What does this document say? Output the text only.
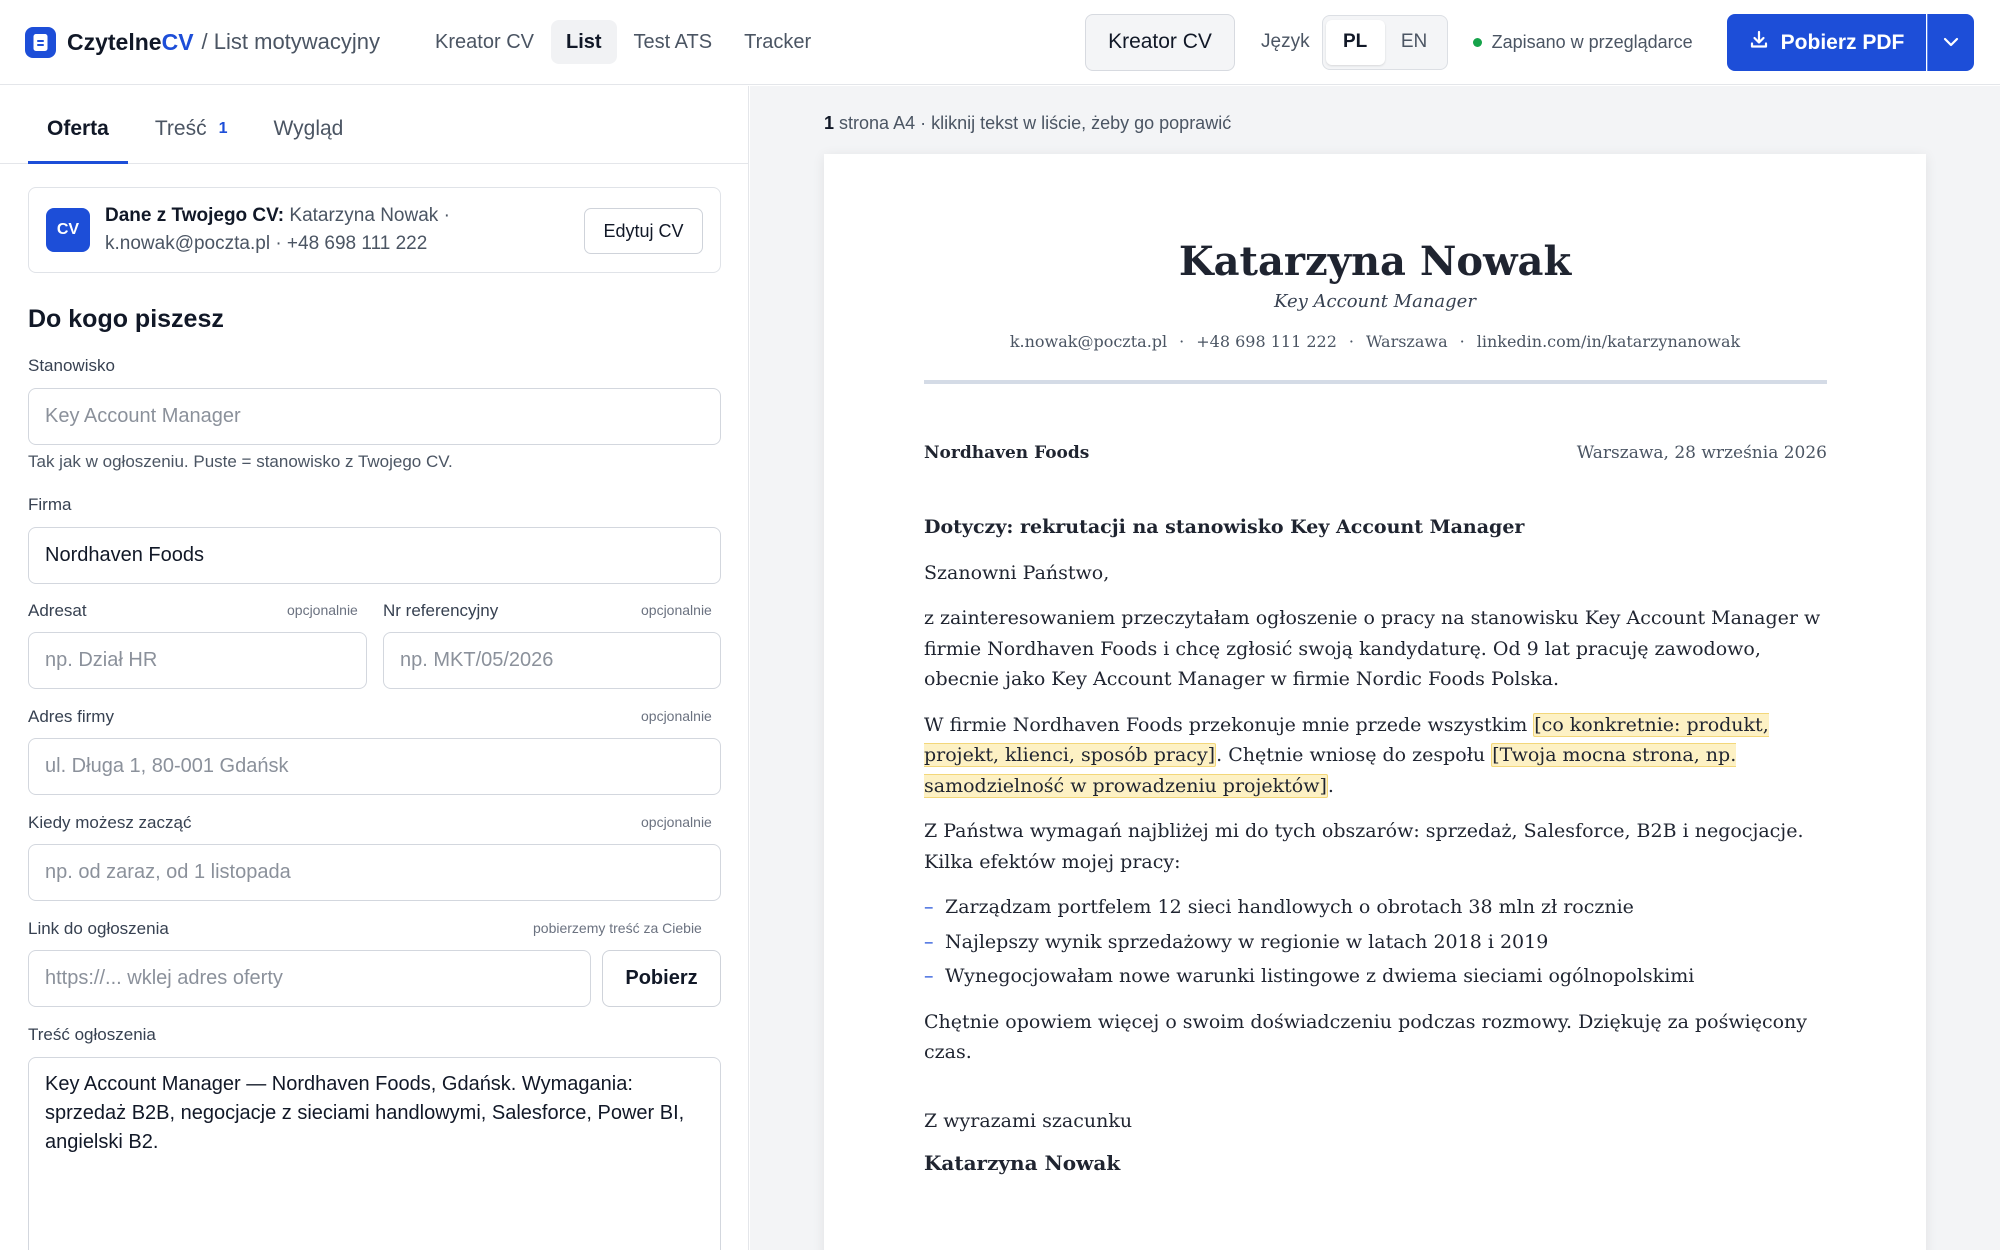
CzytelneCV / List motywacyjny	Kreator CV	List	Test ATS	Tracker	Kreator CV	Język	PL	EN	Zapisano w przeglądarce	Pobierz PDF
Oferta Treść 1 Wygląd
CV
Dane z Twojego CV: Katarzyna Nowak · k.nowak@poczta.pl · +48 698 111 222
Edytuj CV
Do kogo piszesz
Stanowisko
Key Account Manager
Tak jak w ogłoszeniu. Puste = stanowisko z Twojego CV.
Firma
Nordhaven Foods
Adresat	opcjonalnie
np. Dział HR
Nr referencyjny	opcjonalnie
np. MKT/05/2026
Adres firmy	opcjonalnie
ul. Długa 1, 80-001 Gdańsk
Kiedy możesz zacząć	opcjonalnie
np. od zaraz, od 1 listopada
Link do ogłoszenia	pobierzemy treść za Ciebie
https://... wklej adres oferty	Pobierz
Treść ogłoszenia
Key Account Manager — Nordhaven Foods, Gdańsk. Wymagania: sprzedaż B2B, negocjacje z sieciami handlowymi, Salesforce, Power BI, angielski B2.
1 strona A4 · kliknij tekst w liście, żeby go poprawić
Katarzyna Nowak
Key Account Manager
k.nowak@poczta.pl · +48 698 111 222 · Warszawa · linkedin.com/in/katarzynanowak
Nordhaven Foods	Warszawa, 28 września 2026
Dotyczy: rekrutacji na stanowisko Key Account Manager
Szanowni Państwo,
z zainteresowaniem przeczytałam ogłoszenie o pracy na stanowisku Key Account Manager w firmie Nordhaven Foods i chcę zgłosić swoją kandydaturę. Od 9 lat pracuję zawodowo, obecnie jako Key Account Manager w firmie Nordic Foods Polska.
W firmie Nordhaven Foods przekonuje mnie przede wszystkim [co konkretnie: produkt, projekt, klienci, sposób pracy]. Chętnie wniosę do zespołu [Twoja mocna strona, np. samodzielność w prowadzeniu projektów].
Z Państwa wymagań najbliżej mi do tych obszarów: sprzedaż, Salesforce, B2B i negocjacje. Kilka efektów mojej pracy:
– Zarządzam portfelem 12 sieci handlowych o obrotach 38 mln zł rocznie
– Najlepszy wynik sprzedażowy w regionie w latach 2018 i 2019
– Wynegocjowałam nowe warunki listingowe z dwiema sieciami ogólnopolskimi
Chętnie opowiem więcej o swoim doświadczeniu podczas rozmowy. Dziękuję za poświęcony czas.
Z wyrazami szacunku
Katarzyna Nowak
